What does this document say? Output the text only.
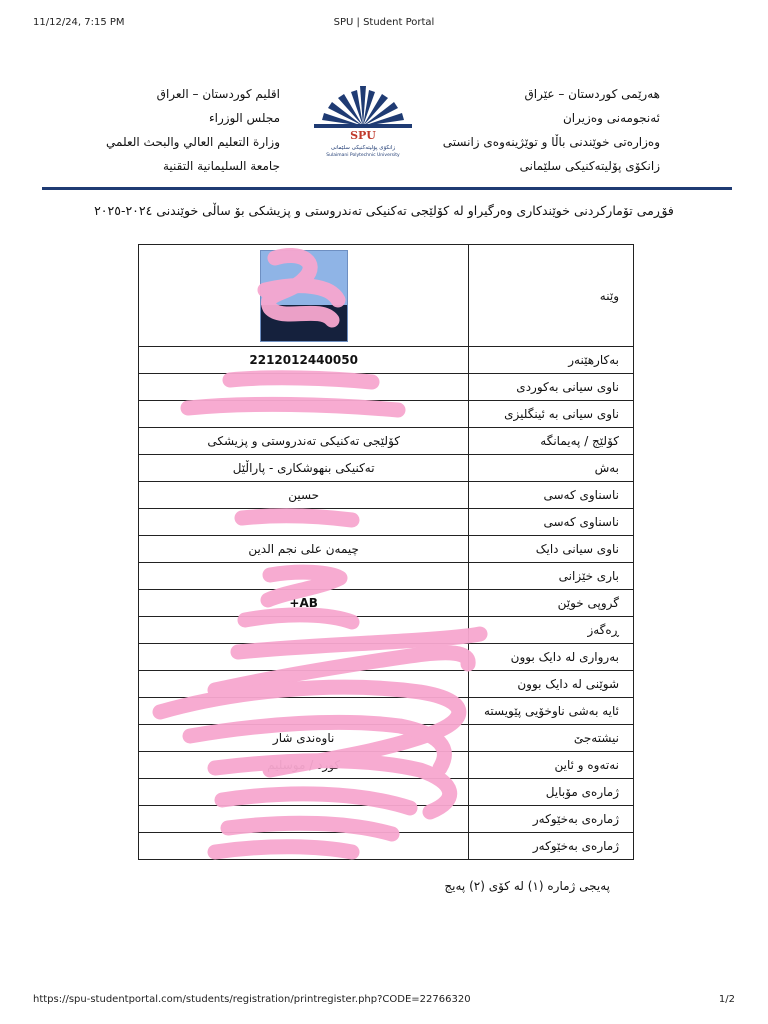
11/12/24, 7:15 PM	SPU | Student Portal
اقليم كوردستان – العراق
مجلس الوزراء
وزارة التعليم العالي والبحث العلمي
جامعة السليمانية التقنية
SPU
زانکۆی پۆلیتەکنیکی سلێمانی
Sulaimani Polytechnic University
هەرێمی کوردستان – عێراق
ئەنجومەنی وەزیران
وەزارەتی خوێندنی باڵا و توێژینەوەی زانستی
زانکۆی پۆلیتەکنیکی سلێمانی
فۆڕمی تۆمارکردنی خوێندکاری وەرگیراو لە کۆلێجی تەکنیکی تەندروستی و پزیشکی بۆ ساڵی خوێندنی ٢٠٢٤-٢٠٢٥
	وێنە
2212012440050	بەکارهێنەر
	ناوی سیانی بەکوردی
	ناوی سیانی بە ئینگلیزی
کۆلێجی تەکنیکی تەندروستی و پزیشکی	کۆلێج / پەیمانگە
تەکنیکی بنهوشکاری - پاراڵێل	بەش
حسین	ناسناوی کەسی
	ناسناوی کەسی
چیمەن علی نجم الدین	ناوی سیانی دایک
	باری خێزانی
AB+	گروپی خوێن
	ڕەگەز
	بەرواری لە دایک بوون
	شوێنی لە دایک بوون
	ئایە بەشی ناوخۆیی پێویستە
ناوەندی شار	نیشتەجێ
کورد / موسلیم	نەتەوە و ئاین
	ژمارەی مۆبایل
	ژمارەی بەخێوکەر
	ژمارەی بەخێوکەر
پەیجی ژمارە (١) لە کۆی (٢) پەیج
https://spu-studentportal.com/students/registration/printregister.php?CODE=22766320	1/2
